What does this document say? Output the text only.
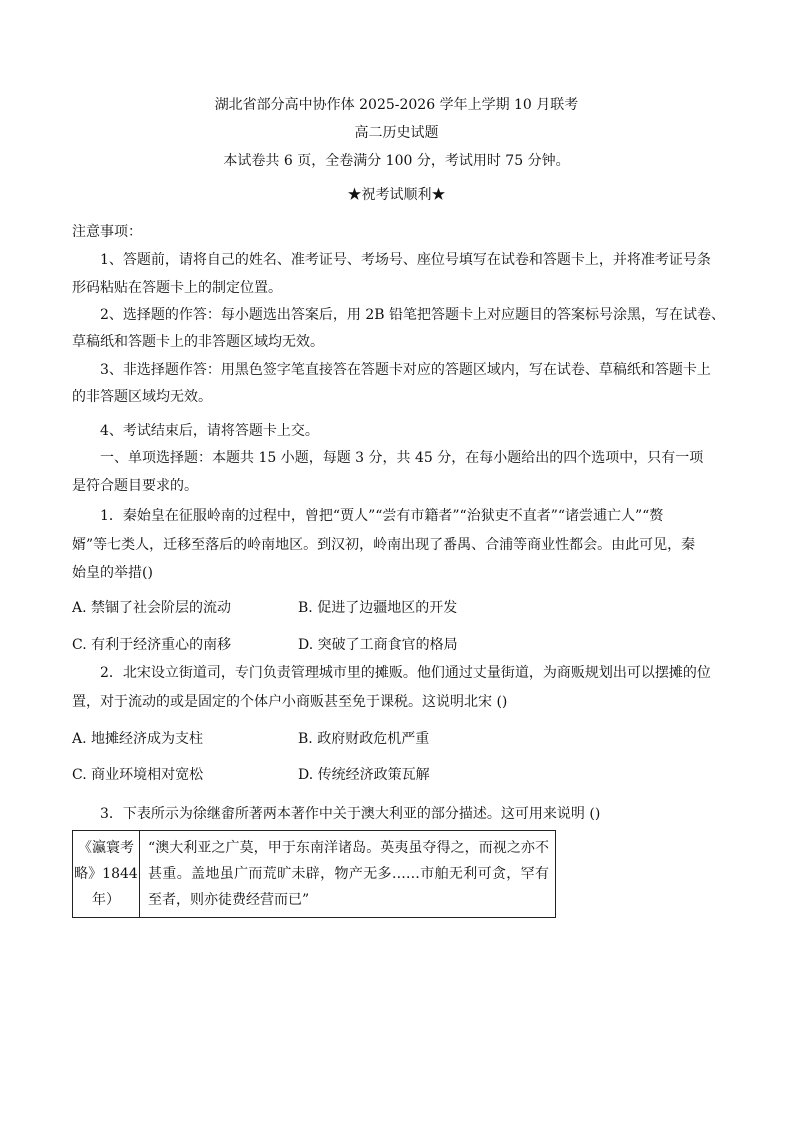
湖北省部分高中协作体 2025-2026 学年上学期 10 月联考
高二历史试题
本试卷共 6 页，全卷满分 100 分，考试用时 75 分钟。
★祝考试顺利★
注意事项：
1、答题前，请将自己的姓名、准考证号、考场号、座位号填写在试卷和答题卡上，并将准考证号条
形码粘贴在答题卡上的制定位置。
2、选择题的作答：每小题选出答案后，用 2B 铅笔把答题卡上对应题目的答案标号涂黑，写在试卷、
草稿纸和答题卡上的非答题区域均无效。
3、非选择题作答：用黑色签字笔直接答在答题卡对应的答题区域内，写在试卷、草稿纸和答题卡上
的非答题区域均无效。
4、考试结束后，请将答题卡上交。
一、单项选择题：本题共 15 小题，每题 3 分，共 45 分，在每小题给出的四个选项中，只有一项
是符合题目要求的。
1．秦始皇在征服岭南的过程中，曾把“贾人”“尝有市籍者”“治狱吏不直者”“诸尝逋亡人”“赘
婿”等七类人，迁移至落后的岭南地区。到汉初，岭南出现了番禺、合浦等商业性都会。由此可见，秦
始皇的举措()
A. 禁锢了社会阶层的流动	B. 促进了边疆地区的开发
C. 有利于经济重心的南移	D. 突破了工商食官的格局
2．北宋设立街道司，专门负责管理城市里的摊贩。他们通过丈量街道，为商贩规划出可以摆摊的位
置，对于流动的或是固定的个体户小商贩甚至免于课税。这说明北宋 ()
A. 地摊经济成为支柱	B. 政府财政危机严重
C. 商业环境相对宽松	D. 传统经济政策瓦解
3．下表所示为徐继畬所著两本著作中关于澳大利亚的部分描述。这可用来说明 ()
《瀛寰考略》1844 年）	“澳大利亚之广莫，甲于东南洋诸岛。英夷虽夺得之，而视之亦不甚重。盖地虽广而荒旷未辟，物产无多……市舶无利可贪，罕有至者，则亦徒费经营而已”
